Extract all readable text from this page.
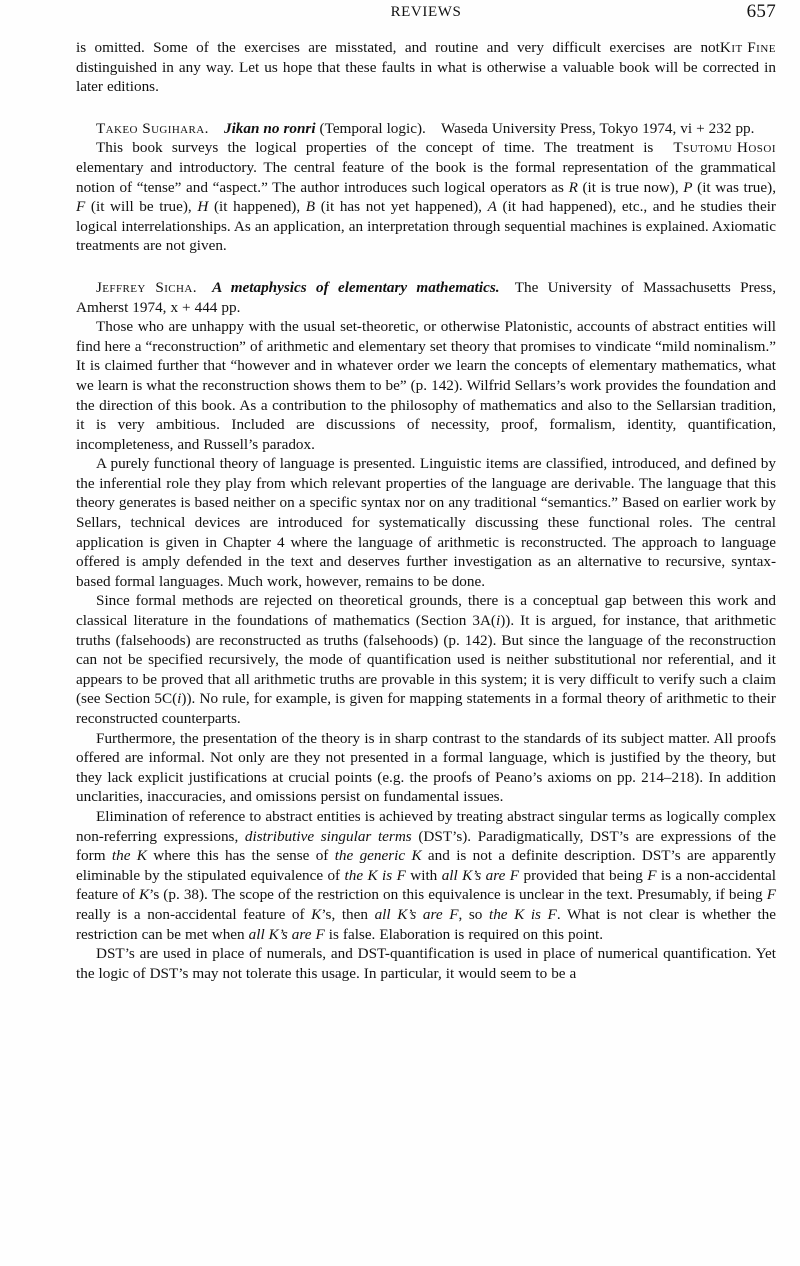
REVIEWS	657

Kit Fine
is omitted. Some of the exercises are misstated, and routine and very difficult exercises are not distinguished in any way. Let us hope that these faults in what is otherwise a valuable book will be corrected in later editions.

Takeo Sugihara.   Jikan no ronri (Temporal logic).   Waseda University Press, Tokyo 1974, vi + 232 pp.

Tsutomu Hosoi
This book surveys the logical properties of the concept of time. The treatment is elementary and introductory. The central feature of the book is the formal representation of the grammatical notion of “tense” and “aspect.” The author introduces such logical operators as R (it is true now), P (it was true), F (it will be true), H (it happened), B (it has not yet happened), A (it had happened), etc., and he studies their logical interrelationships. As an application, an interpretation through sequential machines is explained. Axiomatic treatments are not given.

Jeffrey Sicha.   A metaphysics of elementary mathematics.   The University of Massachusetts Press, Amherst 1974, x + 444 pp.

Those who are unhappy with the usual set-theoretic, or otherwise Platonistic, accounts of abstract entities will find here a “reconstruction” of arithmetic and elementary set theory that promises to vindicate “mild nominalism.” It is claimed further that “however and in whatever order we learn the concepts of elementary mathematics, what we learn is what the reconstruction shows them to be” (p. 142). Wilfrid Sellars’s work provides the foundation and the direction of this book. As a contribution to the philosophy of mathematics and also to the Sellarsian tradition, it is very ambitious. Included are discussions of necessity, proof, formalism, identity, quantification, incompleteness, and Russell’s paradox.

A purely functional theory of language is presented. Linguistic items are classified, introduced, and defined by the inferential role they play from which relevant properties of the language are derivable. The language that this theory generates is based neither on a specific syntax nor on any traditional “semantics.” Based on earlier work by Sellars, technical devices are introduced for systematically discussing these functional roles. The central application is given in Chapter 4 where the language of arithmetic is reconstructed. The approach to language offered is amply defended in the text and deserves further investigation as an alternative to recursive, syntax-based formal languages. Much work, however, remains to be done.

Since formal methods are rejected on theoretical grounds, there is a conceptual gap between this work and classical literature in the foundations of mathematics (Section 3A(i)). It is argued, for instance, that arithmetic truths (falsehoods) are reconstructed as truths (falsehoods) (p. 142). But since the language of the reconstruction can not be specified recursively, the mode of quantification used is neither substitutional nor referential, and it appears to be proved that all arithmetic truths are provable in this system; it is very difficult to verify such a claim (see Section 5C(i)). No rule, for example, is given for mapping statements in a formal theory of arithmetic to their reconstructed counterparts.

Furthermore, the presentation of the theory is in sharp contrast to the standards of its subject matter. All proofs offered are informal. Not only are they not presented in a formal language, which is justified by the theory, but they lack explicit justifications at crucial points (e.g. the proofs of Peano’s axioms on pp. 214–218). In addition unclarities, inaccuracies, and omissions persist on fundamental issues.

Elimination of reference to abstract entities is achieved by treating abstract singular terms as logically complex non-referring expressions, distributive singular terms (DST’s). Paradigmatically, DST’s are expressions of the form the K where this has the sense of the generic K and is not a definite description. DST’s are apparently eliminable by the stipulated equivalence of the K is F with all K’s are F provided that being F is a non-accidental feature of K’s (p. 38). The scope of the restriction on this equivalence is unclear in the text. Presumably, if being F really is a non-accidental feature of K’s, then all K’s are F, so the K is F. What is not clear is whether the restriction can be met when all K’s are F is false. Elaboration is required on this point.

DST’s are used in place of numerals, and DST-quantification is used in place of numerical quantification. Yet the logic of DST’s may not tolerate this usage. In particular, it would seem to be a
